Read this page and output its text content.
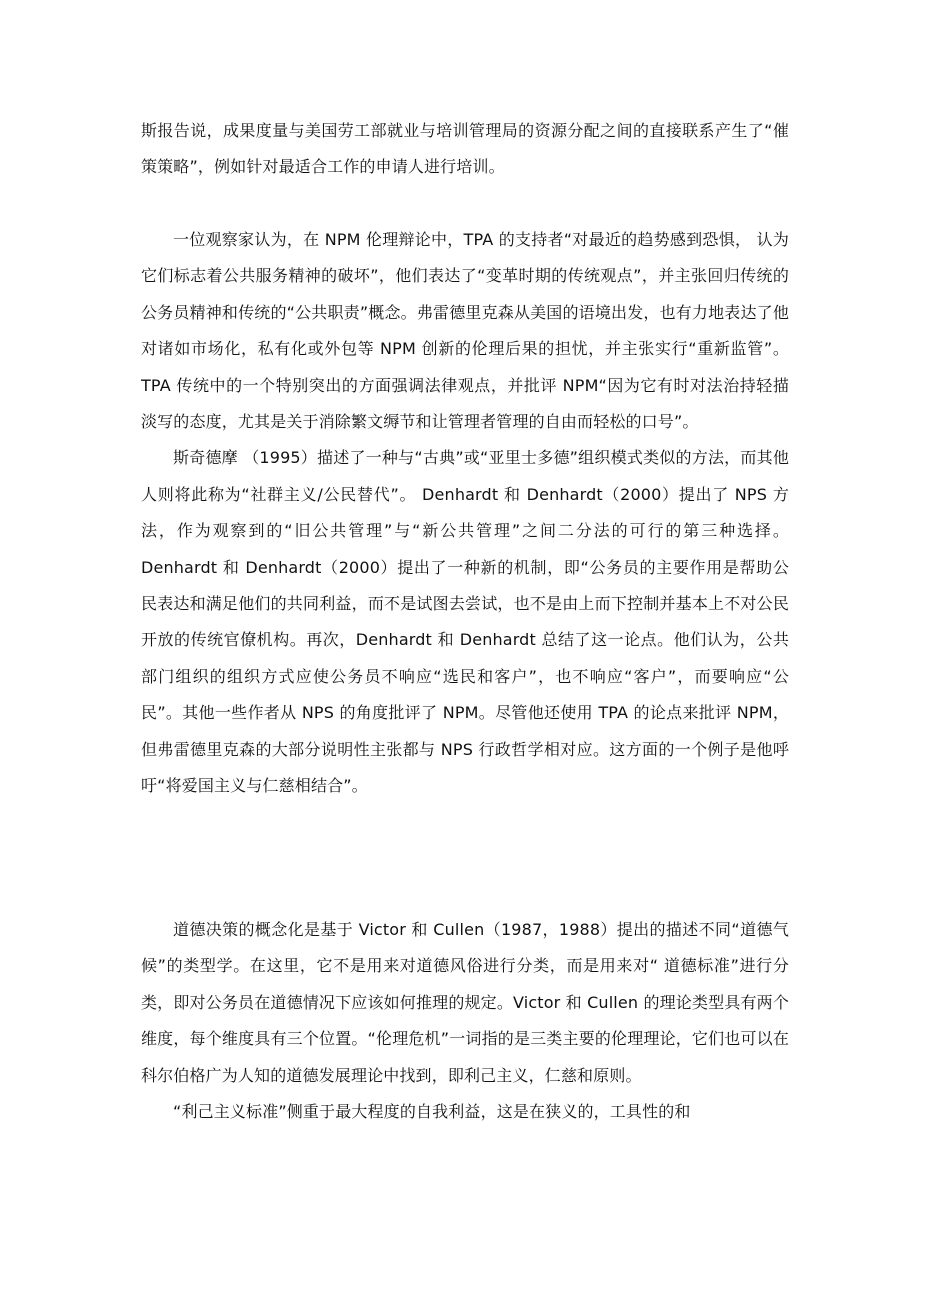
斯报告说，成果度量与美国劳工部就业与培训管理局的资源分配之间的直接联系产生了“催策策略”，例如针对最适合工作的申请人进行培训。

一位观察家认为，在 NPM 伦理辩论中，TPA 的支持者“对最近的趋势感到恐惧， 认为它们标志着公共服务精神的破坏”，他们表达了“变革时期的传统观点”，并主张回归传统的公务员精神和传统的“公共职责”概念。弗雷德里克森从美国的语境出发，也有力地表达了他对诸如市场化，私有化或外包等 NPM 创新的伦理后果的担忧，并主张实行“重新监管”。TPA 传统中的一个特别突出的方面强调法律观点，并批评 NPM“因为它有时对法治持轻描淡写的态度，尤其是关于消除繁文缛节和让管理者管理的自由而轻松的口号”。

斯奇德摩 （1995）描述了一种与“古典”或“亚里士多德”组织模式类似的方法，而其他人则将此称为“社群主义/公民替代”。 Denhardt 和 Denhardt（2000）提出了 NPS 方法，作为观察到的“旧公共管理”与“新公共管理”之间二分法的可行的第三种选择。Denhardt 和 Denhardt（2000）提出了一种新的机制，即“公务员的主要作用是帮助公民表达和满足他们的共同利益，而不是试图去尝试，也不是由上而下控制并基本上不对公民开放的传统官僚机构。再次，Denhardt 和 Denhardt 总结了这一论点。他们认为，公共部门组织的组织方式应使公务员不响应“选民和客户”，也不响应“客户”，而要响应“公民”。其他一些作者从 NPS 的角度批评了 NPM。尽管他还使用 TPA 的论点来批评 NPM，但弗雷德里克森的大部分说明性主张都与 NPS 行政哲学相对应。这方面的一个例子是他呼吁“将爱国主义与仁慈相结合”。

道德决策的概念化是基于 Victor 和 Cullen（1987，1988）提出的描述不同“道德气候”的类型学。在这里，它不是用来对道德风俗进行分类，而是用来对“ 道德标准”进行分类，即对公务员在道德情况下应该如何推理的规定。Victor 和 Cullen 的理论类型具有两个维度，每个维度具有三个位置。“伦理危机”一词指的是三类主要的伦理理论，它们也可以在科尔伯格广为人知的道德发展理论中找到，即利己主义，仁慈和原则。

“利己主义标准”侧重于最大程度的自我利益，这是在狭义的，工具性的和
